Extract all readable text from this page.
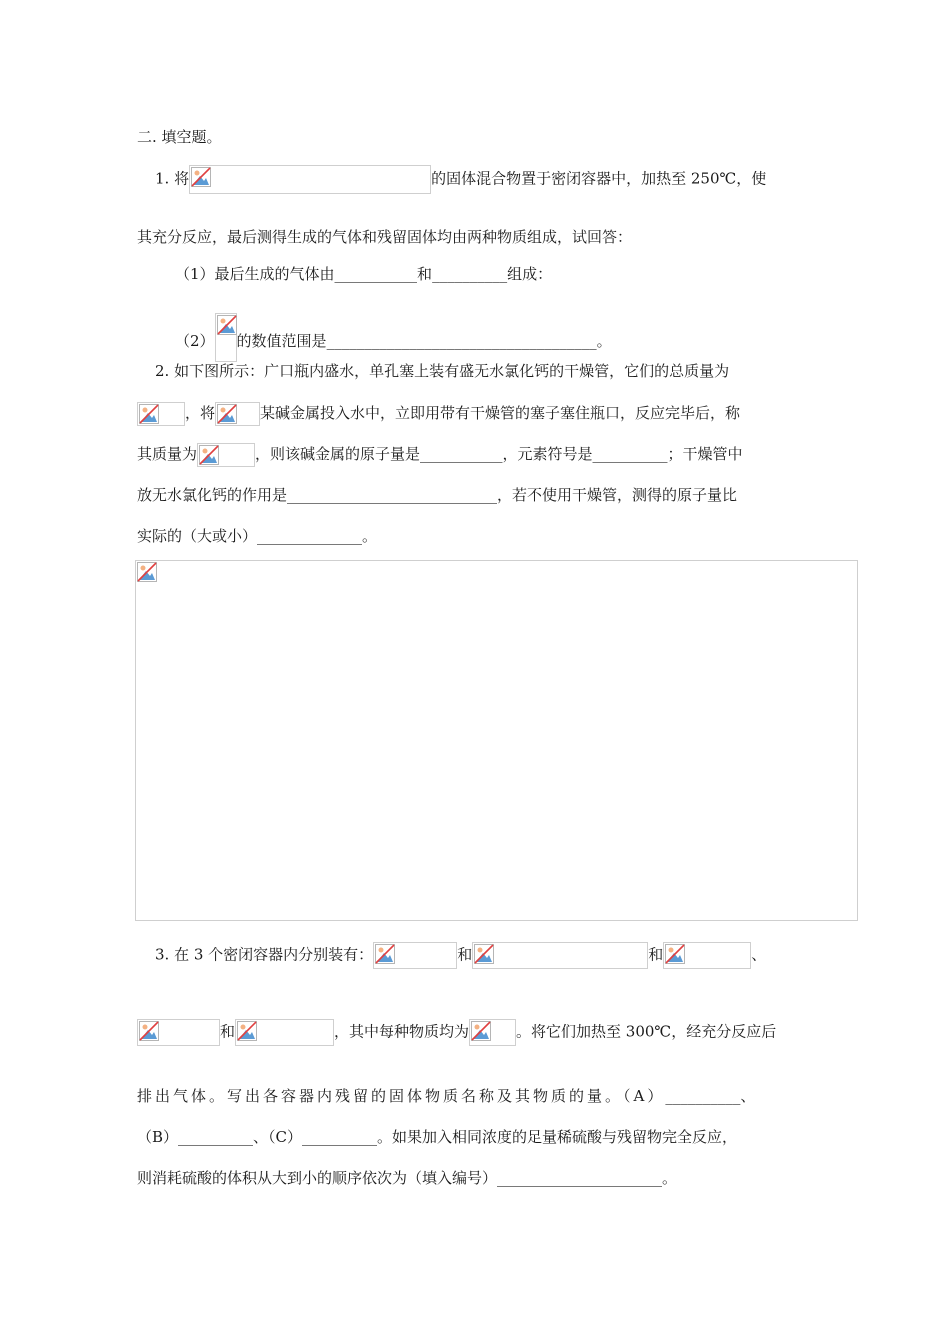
二. 填空题。
1. 将	的固体混合物置于密闭容器中，加热至 250℃，使
其充分反应，最后测得生成的气体和残留固体均由两种物质组成，试回答：
（1）最后生成的气体由___________和__________组成：
（2） 的数值范围是____________________________________。
2. 如下图所示：广口瓶内盛水，单孔塞上装有盛无水氯化钙的干燥管，它们的总质量为
，将	某碱金属投入水中，立即用带有干燥管的塞子塞住瓶口，反应完毕后，称
其质量为	，则该碱金属的原子量是___________，元素符号是__________；干燥管中
放无水氯化钙的作用是____________________________，若不使用干燥管，测得的原子量比
实际的（大或小）______________。
3. 在 3 个密闭容器内分别装有：	和	和	、
和	，其中每种物质均为	。将它们加热至 300℃，经充分反应后
排出气体。写出各容器内残留的固体物质名称及其物质的量。（A）__________、
（B）__________、（C）__________。如果加入相同浓度的足量稀硫酸与残留物完全反应，
则消耗硫酸的体积从大到小的顺序依次为（填入编号）______________________。
